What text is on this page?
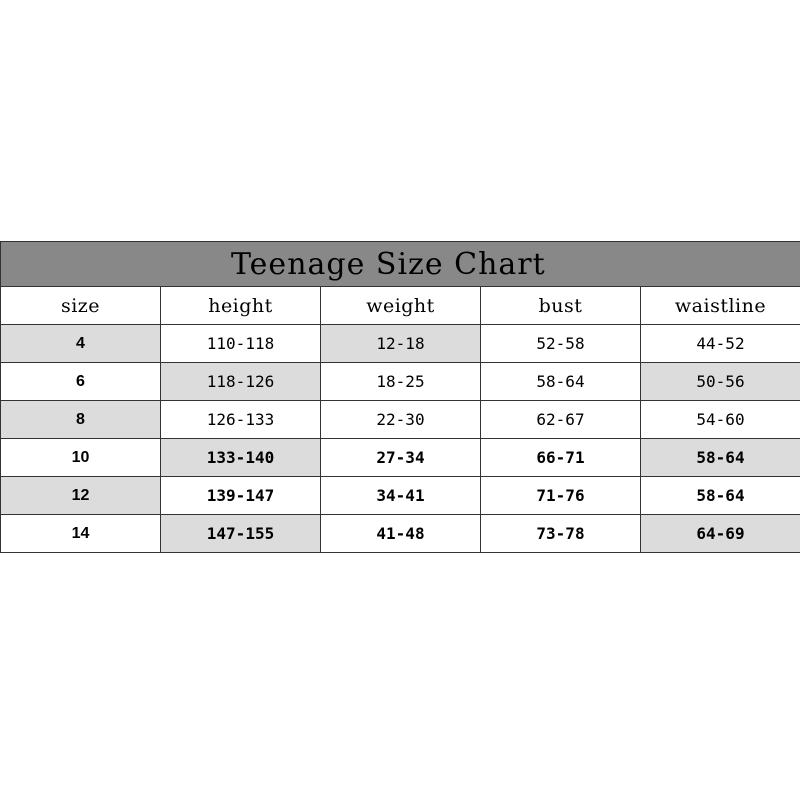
Teenage Size Chart				
size	height	weight	bust	waistline
4	110-118	12-18	52-58	44-52
6	118-126	18-25	58-64	50-56
8	126-133	22-30	62-67	54-60
10	133-140	27-34	66-71	58-64
12	139-147	34-41	71-76	58-64
14	147-155	41-48	73-78	64-69
